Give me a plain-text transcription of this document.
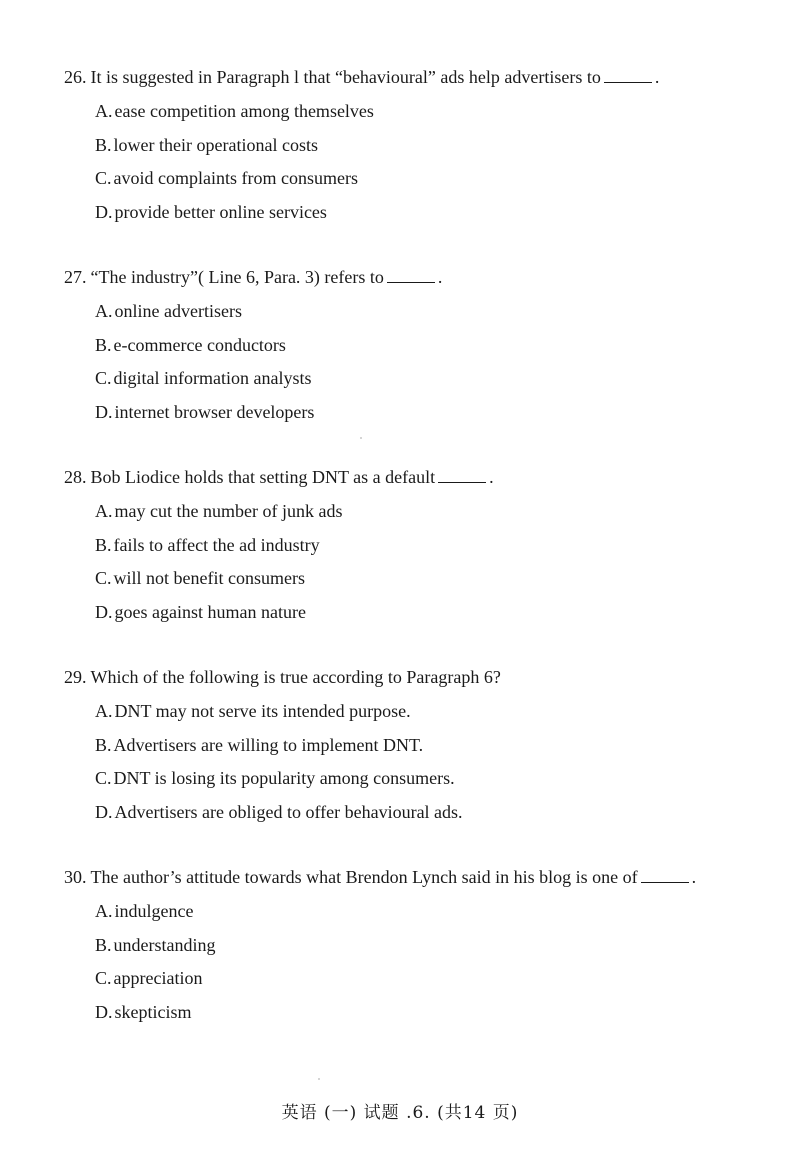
26. It is suggested in Paragraph l that “behavioural” ads help advertisers to	.
A. ease competition among themselves
B. lower their operational costs
C. avoid complaints from consumers
D. provide better online services
27. “The industry”( Line 6, Para. 3) refers to	.
A. online advertisers
B. e-commerce conductors
C. digital information analysts
D. internet browser developers
28. Bob Liodice holds that setting DNT as a default	.
A. may cut the number of junk ads
B. fails to affect the ad industry
C. will not benefit consumers
D. goes against human nature
29. Which of the following is true according to Paragraph 6?
A. DNT may not serve its intended purpose.
B. Advertisers are willing to implement DNT.
C. DNT is losing its popularity among consumers.
D. Advertisers are obliged to offer behavioural ads.
30. The author’s attitude towards what Brendon Lynch said in his blog is one of	.
A. indulgence
B. understanding
C. appreciation
D. skepticism
英语 (一) 试题 .6. (共14 页)
